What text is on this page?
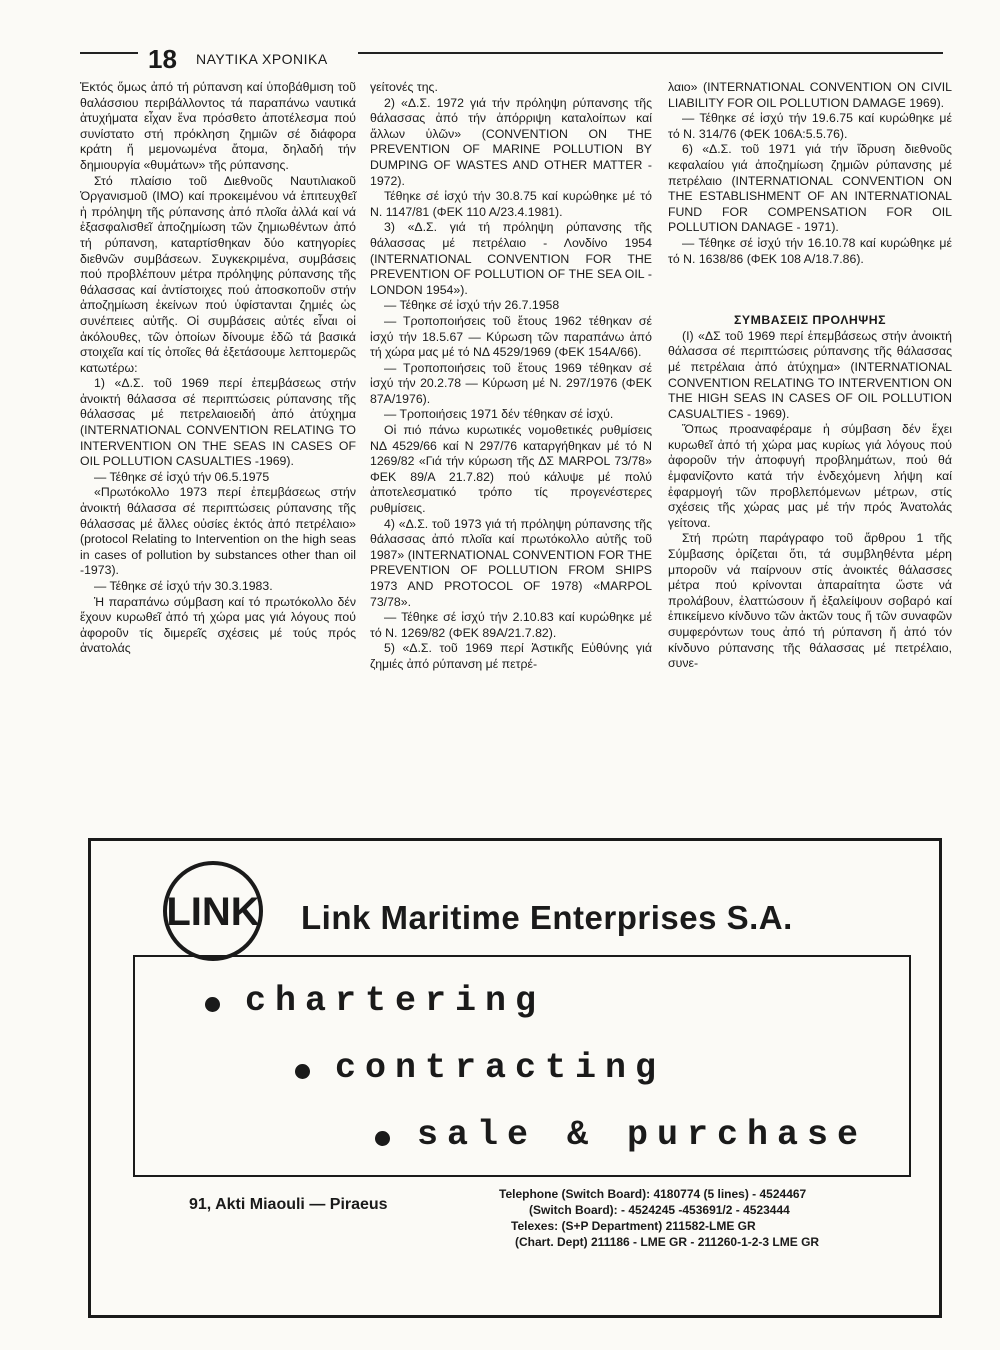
18 ΝΑΥΤΙΚΑ ΧΡΟΝΙΚΑ

Ἐκτός ὅμως ἀπό τή ρύπανση καί ὑποβάθμιση τοῦ θαλάσσιου περιβάλλοντος τά παραπάνω ναυτικά ἀτυχήματα εἶχαν ἕνα πρόσθετο ἀποτέλεσμα πού συνίστατο στή πρόκληση ζημιῶν σέ διάφορα κράτη ἤ μεμονωμένα ἄτομα, δηλαδή τήν δημιουργία «θυμάτων» τῆς ρύπανσης.

Στό πλαίσιο τοῦ Διεθνοῦς Ναυτιλιακοῦ Ὀργανισμοῦ (IMO) καί προκειμένου νά ἐπιτευχθεῖ ἡ πρόληψη τῆς ρύπανσης ἀπό πλοῖα ἀλλά καί νά ἐξασφαλισθεῖ ἀποζημίωση τῶν ζημιωθέντων ἀπό τή ρύπανση, καταρτίσθηκαν δύο κατηγορίες διεθνῶν συμβάσεων. Συγκεκριμένα, συμβάσεις πού προβλέπουν μέτρα πρόληψης ρύπανσης τῆς θάλασσας καί ἀντίστοιχες πού ἀποσκοποῦν στήν ἀποζημίωση ἐκείνων πού ὑφίστανται ζημιές ὡς συνέπειες αὐτῆς. Οἱ συμβάσεις αὐτές εἶναι οἱ ἀκόλουθες, τῶν ὁποίων δίνουμε ἐδῶ τά βασικά στοιχεῖα καί τίς ὁποῖες θά ἐξετάσουμε λεπτομερῶς κατωτέρω:

1) «Δ.Σ. τοῦ 1969 περί ἐπεμβάσεως στήν ἀνοικτή θάλασσα σέ περιπτώσεις ρύπανσης τῆς θάλασσας μέ πετρελαιοειδή ἀπό ἀτύχημα (INTERNATIONAL CONVENTION RELATING TO INTERVENTION ON THE SEAS IN CASES OF OIL POLLUTION CASUALTIES -1969).

— Τέθηκε σέ ἰσχύ τήν 06.5.1975

«Πρωτόκολλο 1973 περί ἐπεμβάσεως στήν ἀνοικτή θάλασσα σέ περιπτώσεις ρύπανσης τῆς θάλασσας μέ ἄλλες οὐσίες ἐκτός ἀπό πετρέλαιο» (protocol Relating to Intervention on the high seas in cases of pollution by substances other than oil -1973).

— Τέθηκε σέ ἰσχύ τήν 30.3.1983.

Ἡ παραπάνω σύμβαση καί τό πρωτόκολλο δέν ἔχουν κυρωθεῖ ἀπό τή χώρα μας γιά λόγους πού ἀφοροῦν τίς διμερεῖς σχέσεις μέ τούς πρός ἀνατολάς

γείτονές της.

2) «Δ.Σ. 1972 γιά τήν πρόληψη ρύπανσης τῆς θάλασσας ἀπό τήν ἀπόρριψη καταλοίπων καί ἄλλων ὑλῶν» (CONVENTION ON THE PREVENTION OF MARINE POLLUTION BY DUMPING OF WASTES AND OTHER MATTER - 1972).

Τέθηκε σέ ἰσχύ τήν 30.8.75 καί κυρώθηκε μέ τό Ν. 1147/81 (ΦΕΚ 110 Α/23.4.1981).

3) «Δ.Σ. γιά τή πρόληψη ρύπανσης τῆς θάλασσας μέ πετρέλαιο - Λονδίνο 1954 (INTERNATIONAL CONVENTION FOR THE PREVENTION OF POLLUTION OF THE SEA OIL - LONDON 1954»).

— Τέθηκε σέ ἰσχύ τήν 26.7.1958

— Τροποποιήσεις τοῦ ἔτους 1962 τέθηκαν σέ ἰσχύ τήν 18.5.67 — Κύρωση τῶν παραπάνω ἀπό τή χώρα μας μέ τό ΝΔ 4529/1969 (ΦΕΚ 154Α/66).

— Τροποποιήσεις τοῦ ἔτους 1969 τέθηκαν σέ ἰσχύ τήν 20.2.78 — Κύρωση μέ Ν. 297/1976 (ΦΕΚ 87Α/1976).

— Τροποιήσεις 1971 δέν τέθηκαν σέ ἰσχύ.

Οἱ πιό πάνω κυρωτικές νομοθετικές ρυθμίσεις ΝΔ 4529/66 καί Ν 297/76 καταργήθηκαν μέ τό Ν 1269/82 «Γιά τήν κύρωση τῆς ΔΣ MARPOL 73/78» ΦΕΚ 89/Α 21.7.82) πού κάλυψε μέ πολύ ἀποτελεσματικό τρόπο τίς προγενέστερες ρυθμίσεις.

4) «Δ.Σ. τοῦ 1973 γιά τή πρόληψη ρύπανσης τῆς θάλασσας ἀπό πλοῖα καί πρωτόκολλο αὐτῆς τοῦ 1987» (INTERNATIONAL CONVENTION FOR THE PREVENTION OF POLLUTION FROM SHIPS 1973 AND PROTOCOL OF 1978) «MARPOL 73/78».

— Τέθηκε σέ ἰσχύ τήν 2.10.83 καί κυρώθηκε μέ τό Ν. 1269/82 (ΦΕΚ 89Α/21.7.82).

5) «Δ.Σ. τοῦ 1969 περί Ἀστικῆς Εὐθύνης γιά ζημιές ἀπό ρύπανση μέ πετρέ-

λαιο» (INTERNATIONAL CONVENTION ON CIVIL LIABILITY FOR OIL POLLUTION DAMAGE 1969).

— Τέθηκε σέ ἰσχύ τήν 19.6.75 καί κυρώθηκε μέ τό Ν. 314/76 (ΦΕΚ 106Α:5.5.76).

6) «Δ.Σ. τοῦ 1971 γιά τήν ἵδρυση διεθνοῦς κεφαλαίου γιά ἀποζημίωση ζημιῶν ρύπανσης μέ πετρέλαιο (INTERNATIONAL CONVENTION ON THE ESTABLISHMENT OF AN INTERNATIONAL FUND FOR COMPENSATION FOR OIL POLLUTION DANAGE - 1971).

— Τέθηκε σέ ἰσχύ τήν 16.10.78 καί κυρώθηκε μέ τό Ν. 1638/86 (ΦΕΚ 108 Α/18.7.86).

ΣΥΜΒΑΣΕΙΣ ΠΡΟΛΗΨΗΣ

(Ι) «ΔΣ τοῦ 1969 περί ἐπεμβάσεως στήν ἀνοικτή θάλασσα σέ περιπτώσεις ρύπανσης τῆς θάλασσας μέ πετρέλαια ἀπό ἀτύχημα» (INTERNATIONAL CONVENTION RELATING TO INTERVENTION ON THE HIGH SEAS IN CASES OF OIL POLLUTION CASUALTIES - 1969).

Ὅπως προαναφέραμε ἡ σύμβαση δέν ἔχει κυρωθεῖ ἀπό τή χώρα μας κυρίως γιά λόγους πού ἀφοροῦν τήν ἀποφυγή προβλημάτων, πού θά ἐμφανίζοντο κατά τήν ἐνδεχόμενη λήψη καί ἐφαρμογή τῶν προβλεπόμενων μέτρων, στίς σχέσεις τῆς χώρας μας μέ τήν πρός Ἀνατολάς γείτονα.

Στή πρώτη παράγραφο τοῦ ἄρθρου 1 τῆς Σύμβασης ὁρίζεται ὅτι, τά συμβληθέντα μέρη μποροῦν νά παίρνουν στίς ἀνοικτές θάλασσες μέτρα πού κρίνονται ἀπαραίτητα ὥστε νά προλάβουν, ἐλαττώσουν ἤ ἐξαλείψουν σοβαρό καί ἐπικείμενο κίνδυνο τῶν ἀκτῶν τους ἤ τῶν συναφῶν συμφερόντων τους ἀπό τή ρύπανση ἤ ἀπό τόν κίνδυνο ρύπανσης τῆς θάλασσας μέ πετρέλαιο, συνε-

LINK Link Maritime Enterprises S.A.
chartering
contracting
sale & purchase
91, Akti Miaouli — Piraeus
Telephone (Switch Board): 4180774 (5 lines) - 4524467
(Switch Board): - 4524245 -453691/2 - 4523444
Telexes: (S+P Department) 211582-LME GR
(Chart. Dept) 211186 - LME GR - 211260-1-2-3 LME GR
